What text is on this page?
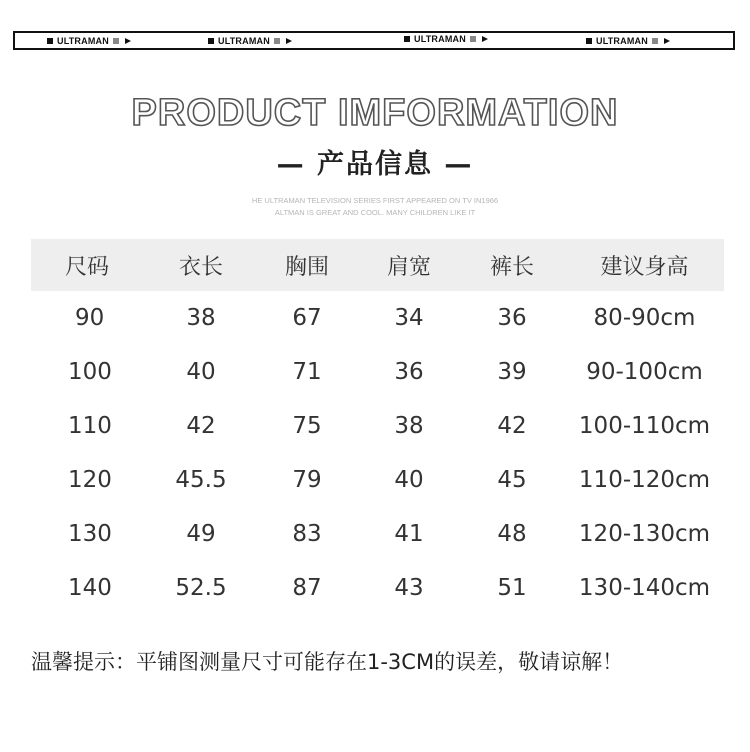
ULTRAMAN	ULTRAMAN	ULTRAMAN	ULTRAMAN
PRODUCT IMFORMATION
— 产品信息 —
HE ULTRAMAN TELEVISION SERIES FIRST APPEARED ON TV IN1966
ALTMAN IS GREAT AND COOL. MANY CHILDREN LIKE IT
尺码	衣长	胸围	肩宽	裤长	建议身高
90	38	67	34	36	80-90cm
100	40	71	36	39	90-100cm
110	42	75	38	42	100-110cm
120	45.5	79	40	45	110-120cm
130	49	83	41	48	120-130cm
140	52.5	87	43	51	130-140cm
温馨提示：平铺图测量尺寸可能存在1-3CM的误差，敬请谅解！
